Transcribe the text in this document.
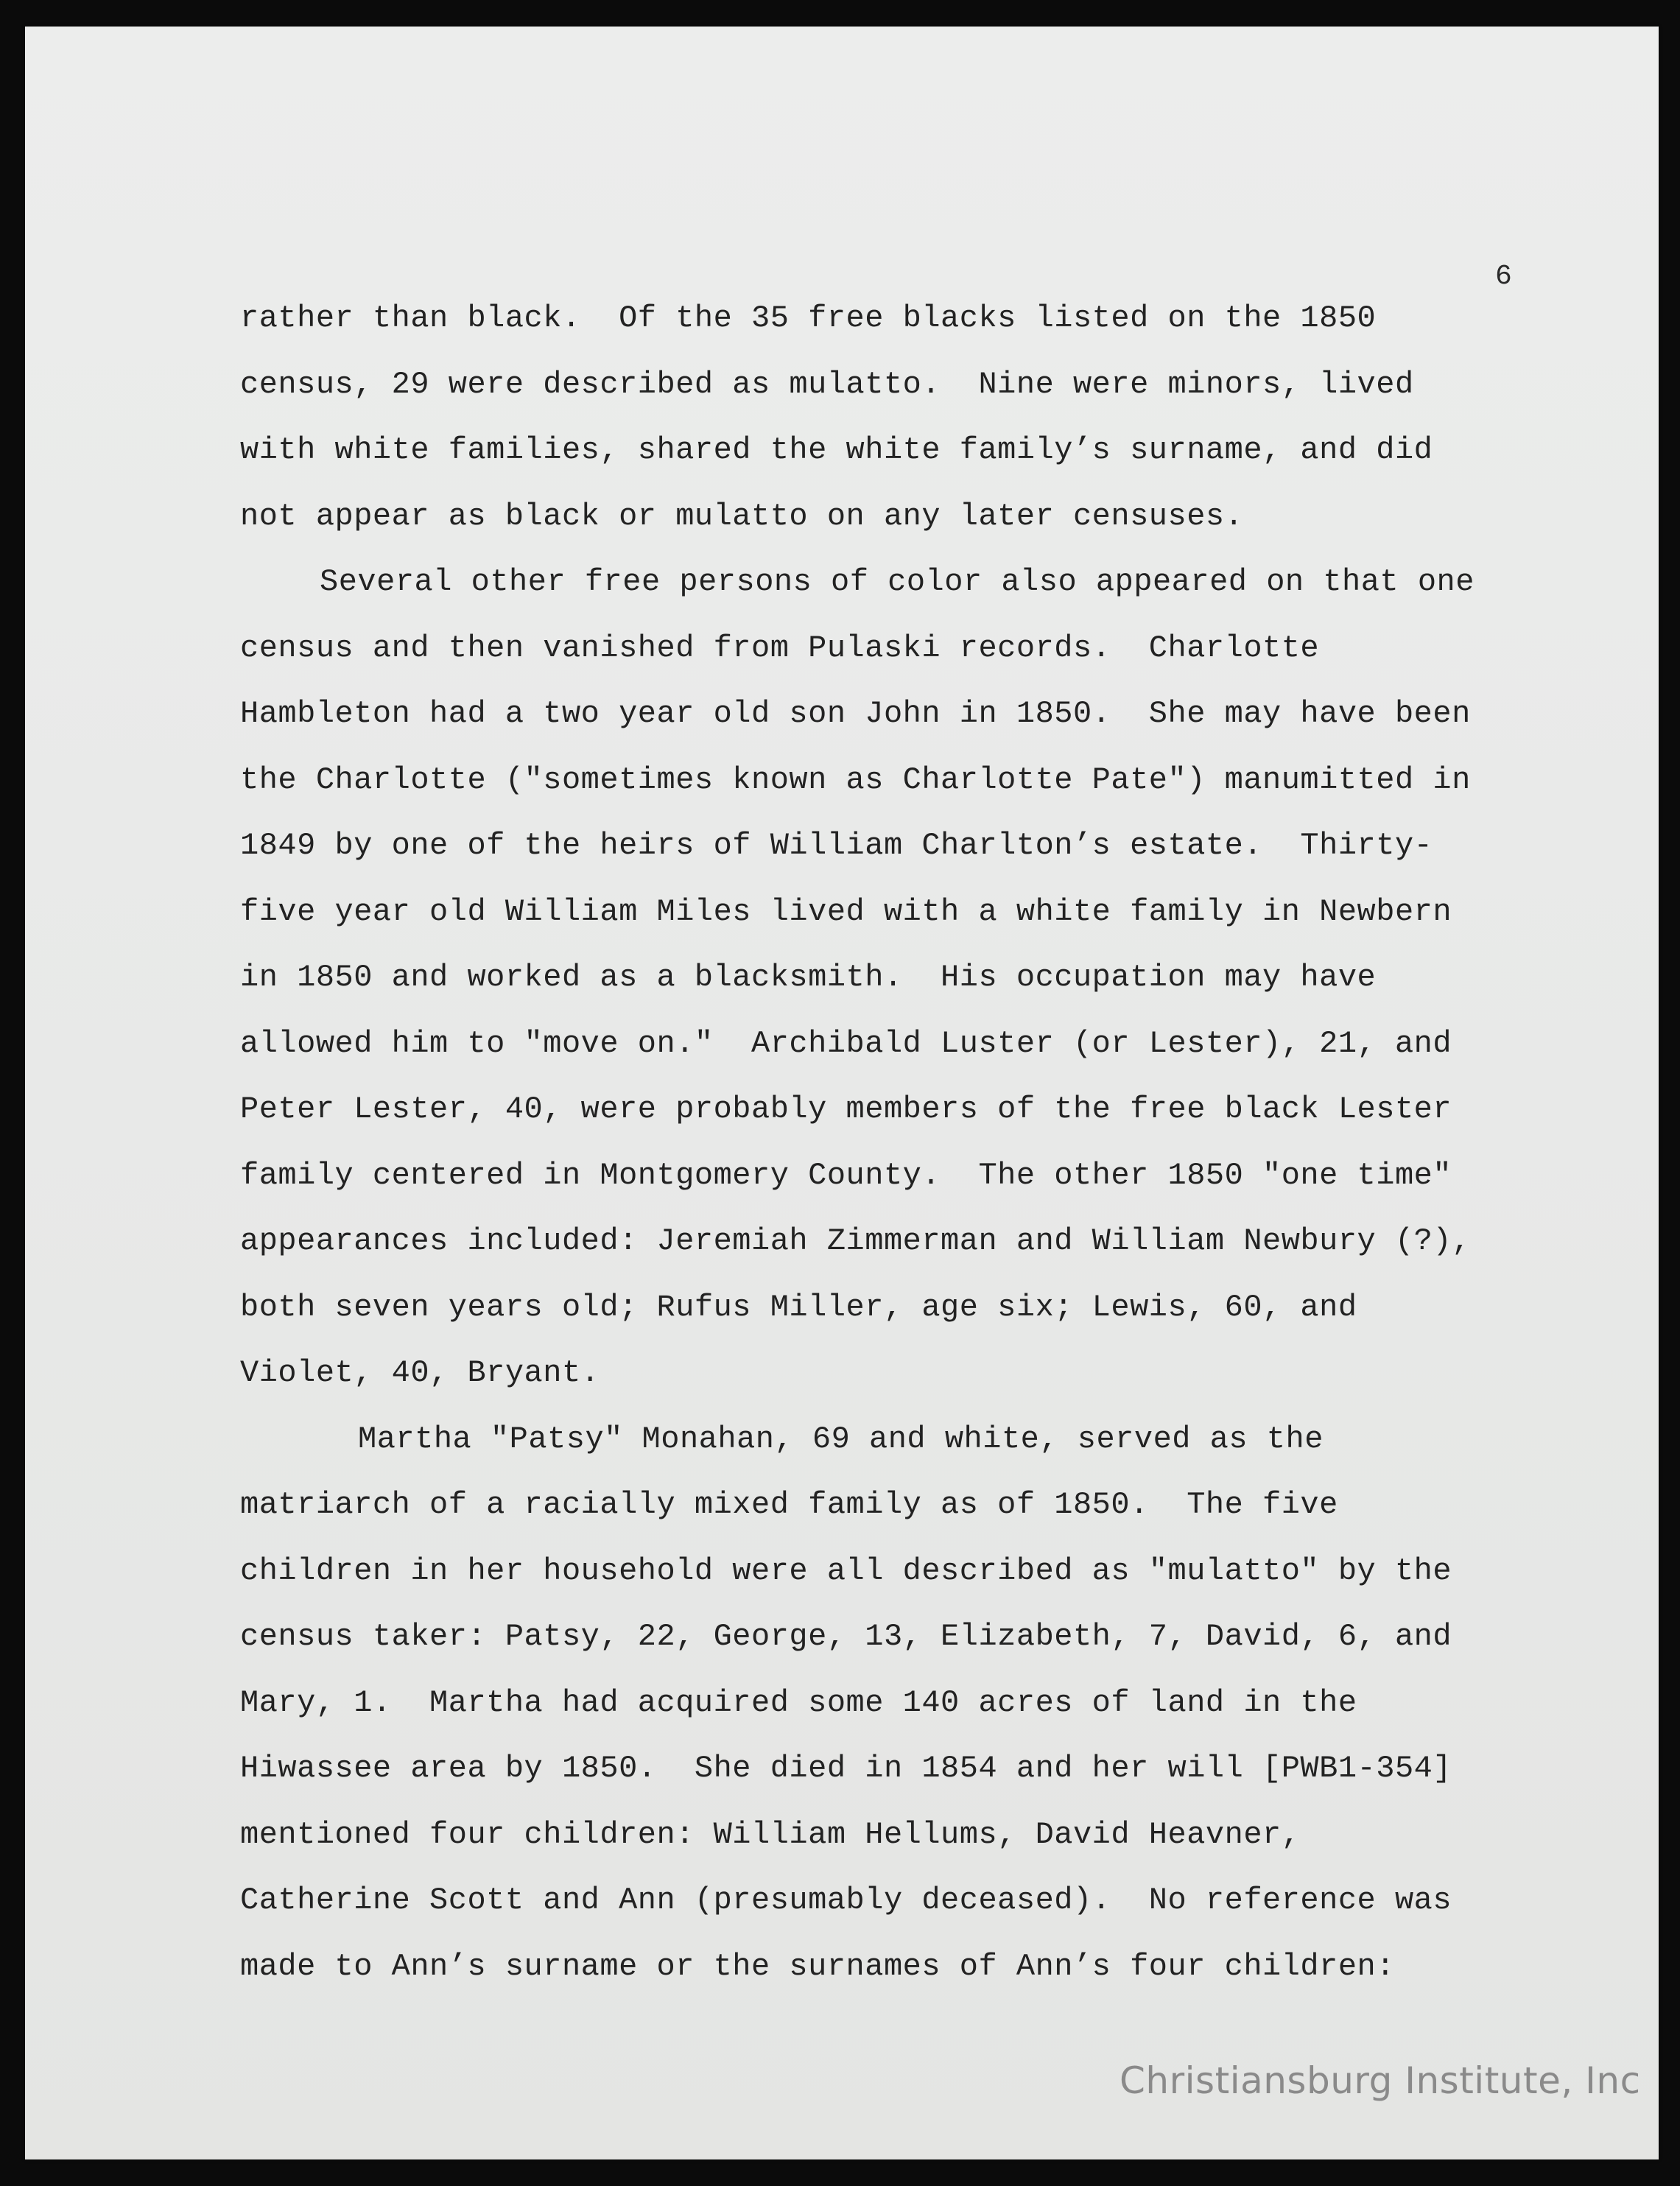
6
rather than black.  Of the 35 free blacks listed on the 1850
census, 29 were described as mulatto.  Nine were minors, lived
with white families, shared the white family’s surname, and did
not appear as black or mulatto on any later censuses.
Several other free persons of color also appeared on that one
census and then vanished from Pulaski records.  Charlotte
Hambleton had a two year old son John in 1850.  She may have been
the Charlotte ("sometimes known as Charlotte Pate") manumitted in
1849 by one of the heirs of William Charlton’s estate.  Thirty-
five year old William Miles lived with a white family in Newbern
in 1850 and worked as a blacksmith.  His occupation may have
allowed him to "move on."  Archibald Luster (or Lester), 21, and
Peter Lester, 40, were probably members of the free black Lester
family centered in Montgomery County.  The other 1850 "one time"
appearances included: Jeremiah Zimmerman and William Newbury (?),
both seven years old; Rufus Miller, age six; Lewis, 60, and
Violet, 40, Bryant.
Martha "Patsy" Monahan, 69 and white, served as the
matriarch of a racially mixed family as of 1850.  The five
children in her household were all described as "mulatto" by the
census taker: Patsy, 22, George, 13, Elizabeth, 7, David, 6, and
Mary, 1.  Martha had acquired some 140 acres of land in the
Hiwassee area by 1850.  She died in 1854 and her will [PWB1-354]
mentioned four children: William Hellums, David Heavner,
Catherine Scott and Ann (presumably deceased).  No reference was
made to Ann’s surname or the surnames of Ann’s four children:
Christiansburg Institute, Inc
